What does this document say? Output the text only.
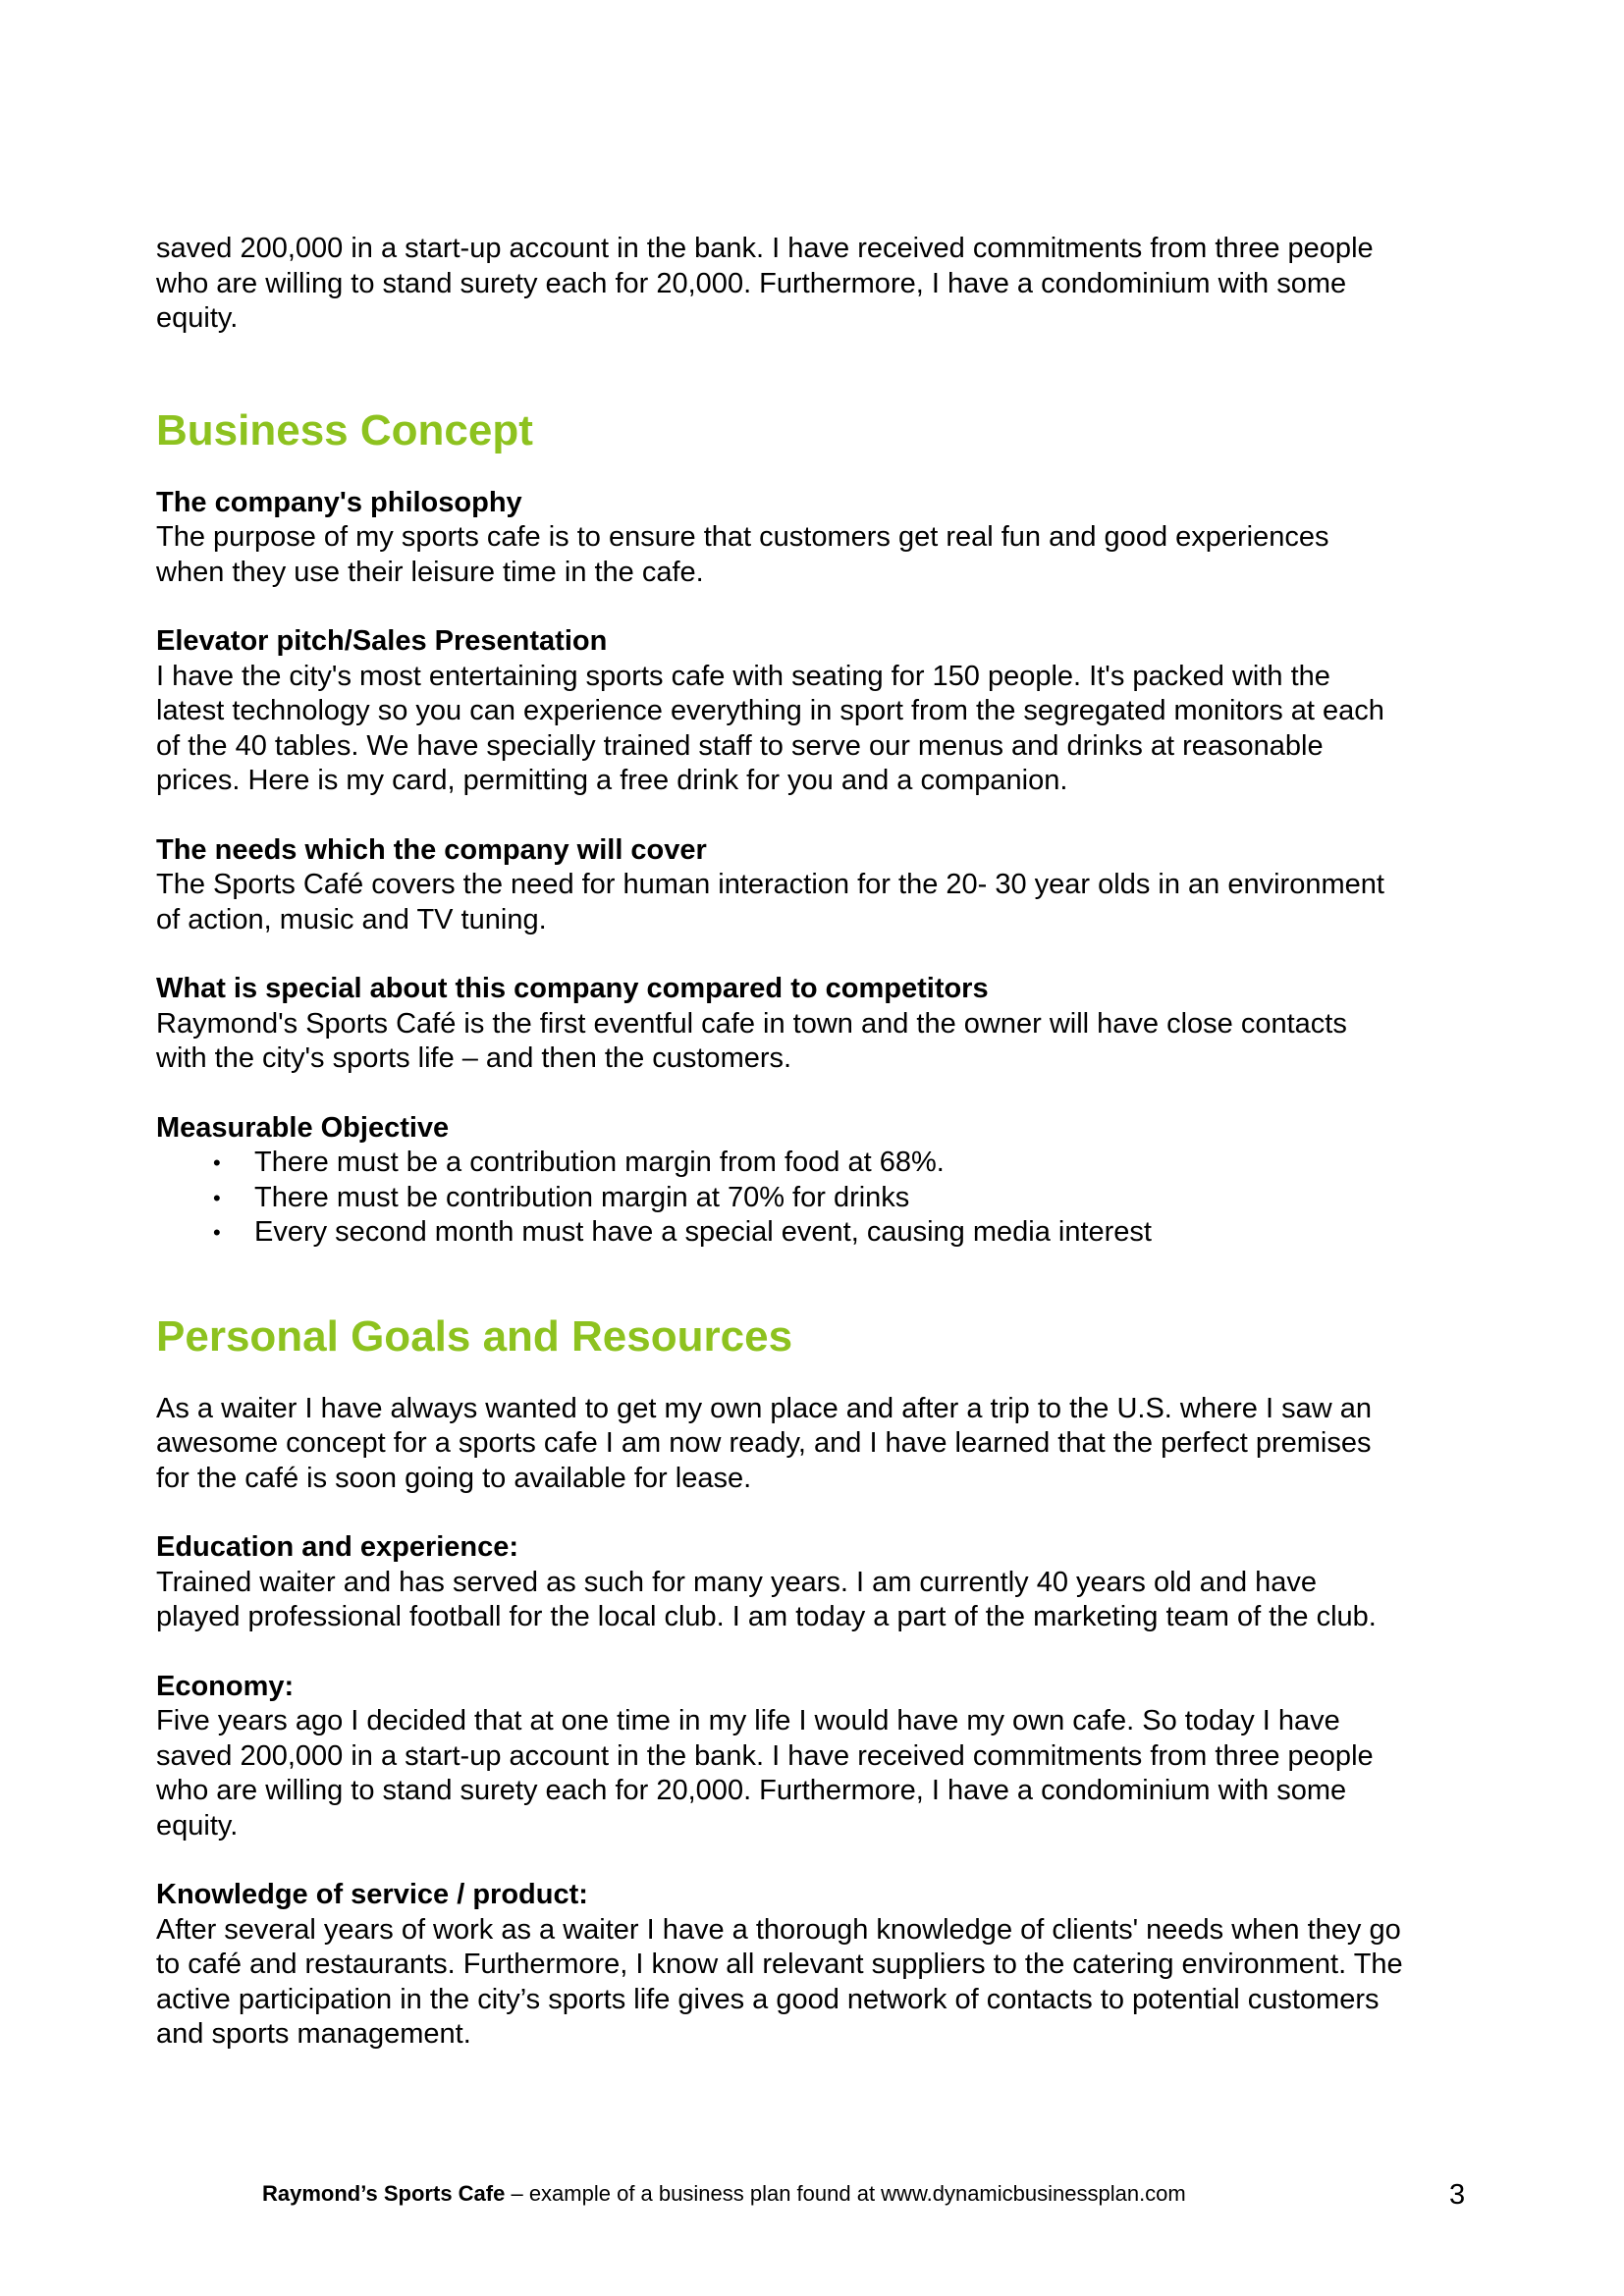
saved 200,000 in a start-up account in the bank. I have received commitments from three people

who are willing to stand surety each for 20,000. Furthermore, I have a condominium with some

equity.

Business Concept

The company's philosophy

The purpose of my sports cafe is to ensure that customers get real fun and good experiences

when they use their leisure time in the cafe.

Elevator pitch/Sales Presentation

I have the city's most entertaining sports cafe with seating for 150 people. It's packed with the

latest technology so you can experience everything in sport from the segregated monitors at each

of the 40 tables. We have specially trained staff to serve our menus and drinks at reasonable

prices. Here is my card, permitting a free drink for you and a companion.

The needs which the company will cover

The Sports Café covers the need for human interaction for the 20- 30 year olds in an environment

of action, music and TV tuning.

What is special about this company compared to competitors

Raymond's Sports Café is the first eventful cafe in town and the owner will have close contacts

with the city's sports life – and then the customers.

Measurable Objective

• There must be a contribution margin from food at 68%.
• There must be contribution margin at 70% for drinks
• Every second month must have a special event, causing media interest
Personal Goals and Resources

As a waiter I have always wanted to get my own place and after a trip to the U.S. where I saw an

awesome concept for a sports cafe I am now ready, and I have learned that the perfect premises

for the café is soon going to available for lease.

Education and experience:

Trained waiter and has served as such for many years. I am currently 40 years old and have

played professional football for the local club. I am today a part of the marketing team of the club.

Economy:

Five years ago I decided that at one time in my life I would have my own cafe. So today I have

saved 200,000 in a start-up account in the bank. I have received commitments from three people

who are willing to stand surety each for 20,000. Furthermore, I have a condominium with some

equity.

Knowledge of service / product:

After several years of work as a waiter I have a thorough knowledge of clients' needs when they go

to café and restaurants. Furthermore, I know all relevant suppliers to the catering environment. The

active participation in the city’s sports life gives a good network of contacts to potential customers

and sports management.

Raymond’s Sports Cafe – example of a business plan found at www.dynamicbusinessplan.com	3
